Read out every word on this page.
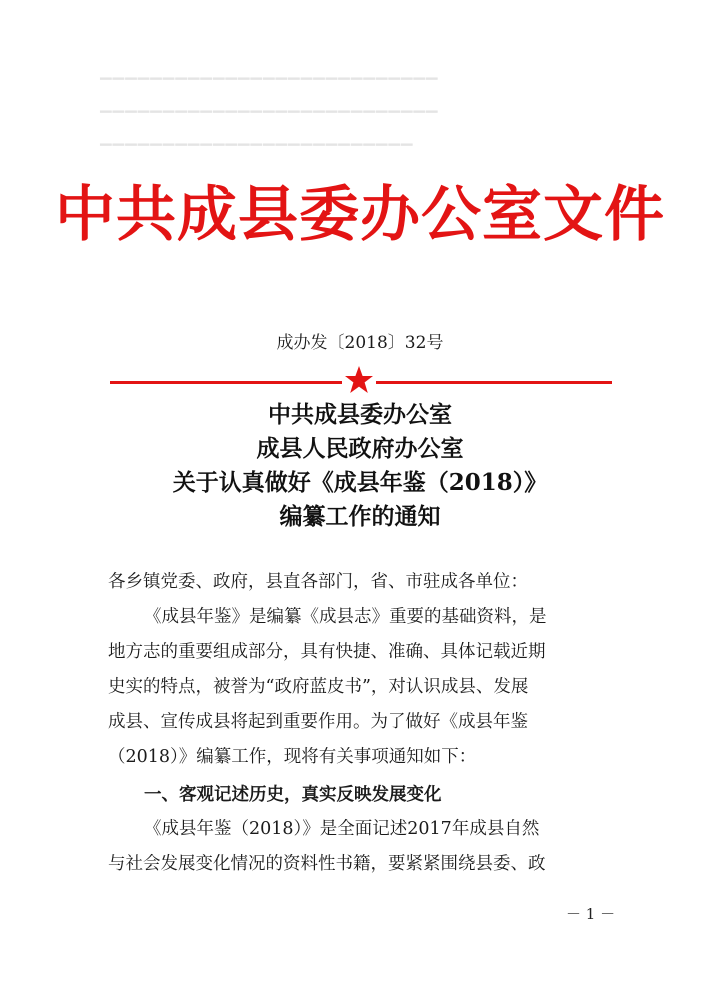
▁▁▁▁▁▁▁▁▁▁▁▁▁▁▁▁▁▁▁▁▁▁▁▁▁▁▁
▁▁▁▁▁▁▁▁▁▁▁▁▁▁▁▁▁▁▁▁▁▁▁▁▁▁▁
▁▁▁▁▁▁▁▁▁▁▁▁▁▁▁▁▁▁▁▁▁▁▁▁▁
中共成县委办公室文件
成办发〔2018〕32号
中共成县委办公室
成县人民政府办公室
关于认真做好《成县年鉴（2018）》
编纂工作的通知
各乡镇党委、政府，县直各部门，省、市驻成各单位：
《成县年鉴》是编纂《成县志》重要的基础资料，是
地方志的重要组成部分，具有快捷、准确、具体记载近期
史实的特点，被誉为“政府蓝皮书”，对认识成县、发展
成县、宣传成县将起到重要作用。为了做好《成县年鉴
（2018）》编纂工作，现将有关事项通知如下：
一、客观记述历史，真实反映发展变化
《成县年鉴（2018）》是全面记述2017年成县自然
与社会发展变化情况的资料性书籍，要紧紧围绕县委、政
－ 1 －
